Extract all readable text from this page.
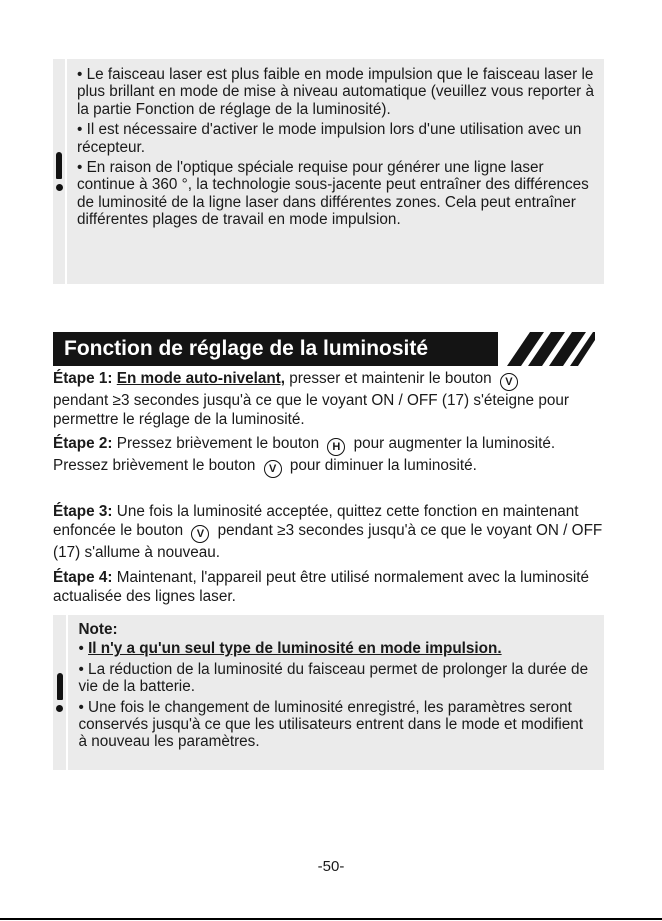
• Le faisceau laser est plus faible en mode impulsion que le faisceau laser le plus brillant en mode de mise à niveau automatique (veuillez vous reporter à la partie Fonction de réglage de la luminosité).

• Il est nécessaire d'activer le mode impulsion lors d'une utilisation avec un récepteur.

• En raison de l'optique spéciale requise pour générer une ligne laser continue à 360 °, la technologie sous-jacente peut entraîner des différences de luminosité de la ligne laser dans différentes zones. Cela peut entraîner différentes plages de travail en mode impulsion.

Fonction de réglage de la luminosité

Étape 1: En mode auto-nivelant, presser et maintenir le bouton V
pendant ≥3 secondes jusqu'à ce que le voyant ON / OFF (17) s'éteigne pour permettre le réglage de la luminosité.

Étape 2: Pressez brièvement le bouton H pour augmenter la luminosité. Pressez brièvement le bouton V pour diminuer la luminosité.

Étape 3: Une fois la luminosité acceptée, quittez cette fonction en maintenant enfoncée le bouton V pendant ≥3 secondes jusqu'à ce que le voyant ON / OFF (17) s'allume à nouveau.

Étape 4: Maintenant, l'appareil peut être utilisé normalement avec la luminosité actualisée des lignes laser.

Note:

• Il n'y a qu'un seul type de luminosité en mode impulsion.

• La réduction de la luminosité du faisceau permet de prolonger la durée de vie de la batterie.

• Une fois le changement de luminosité enregistré, les paramètres seront conservés jusqu'à ce que les utilisateurs entrent dans le mode et modifient à nouveau les paramètres.

-50-
